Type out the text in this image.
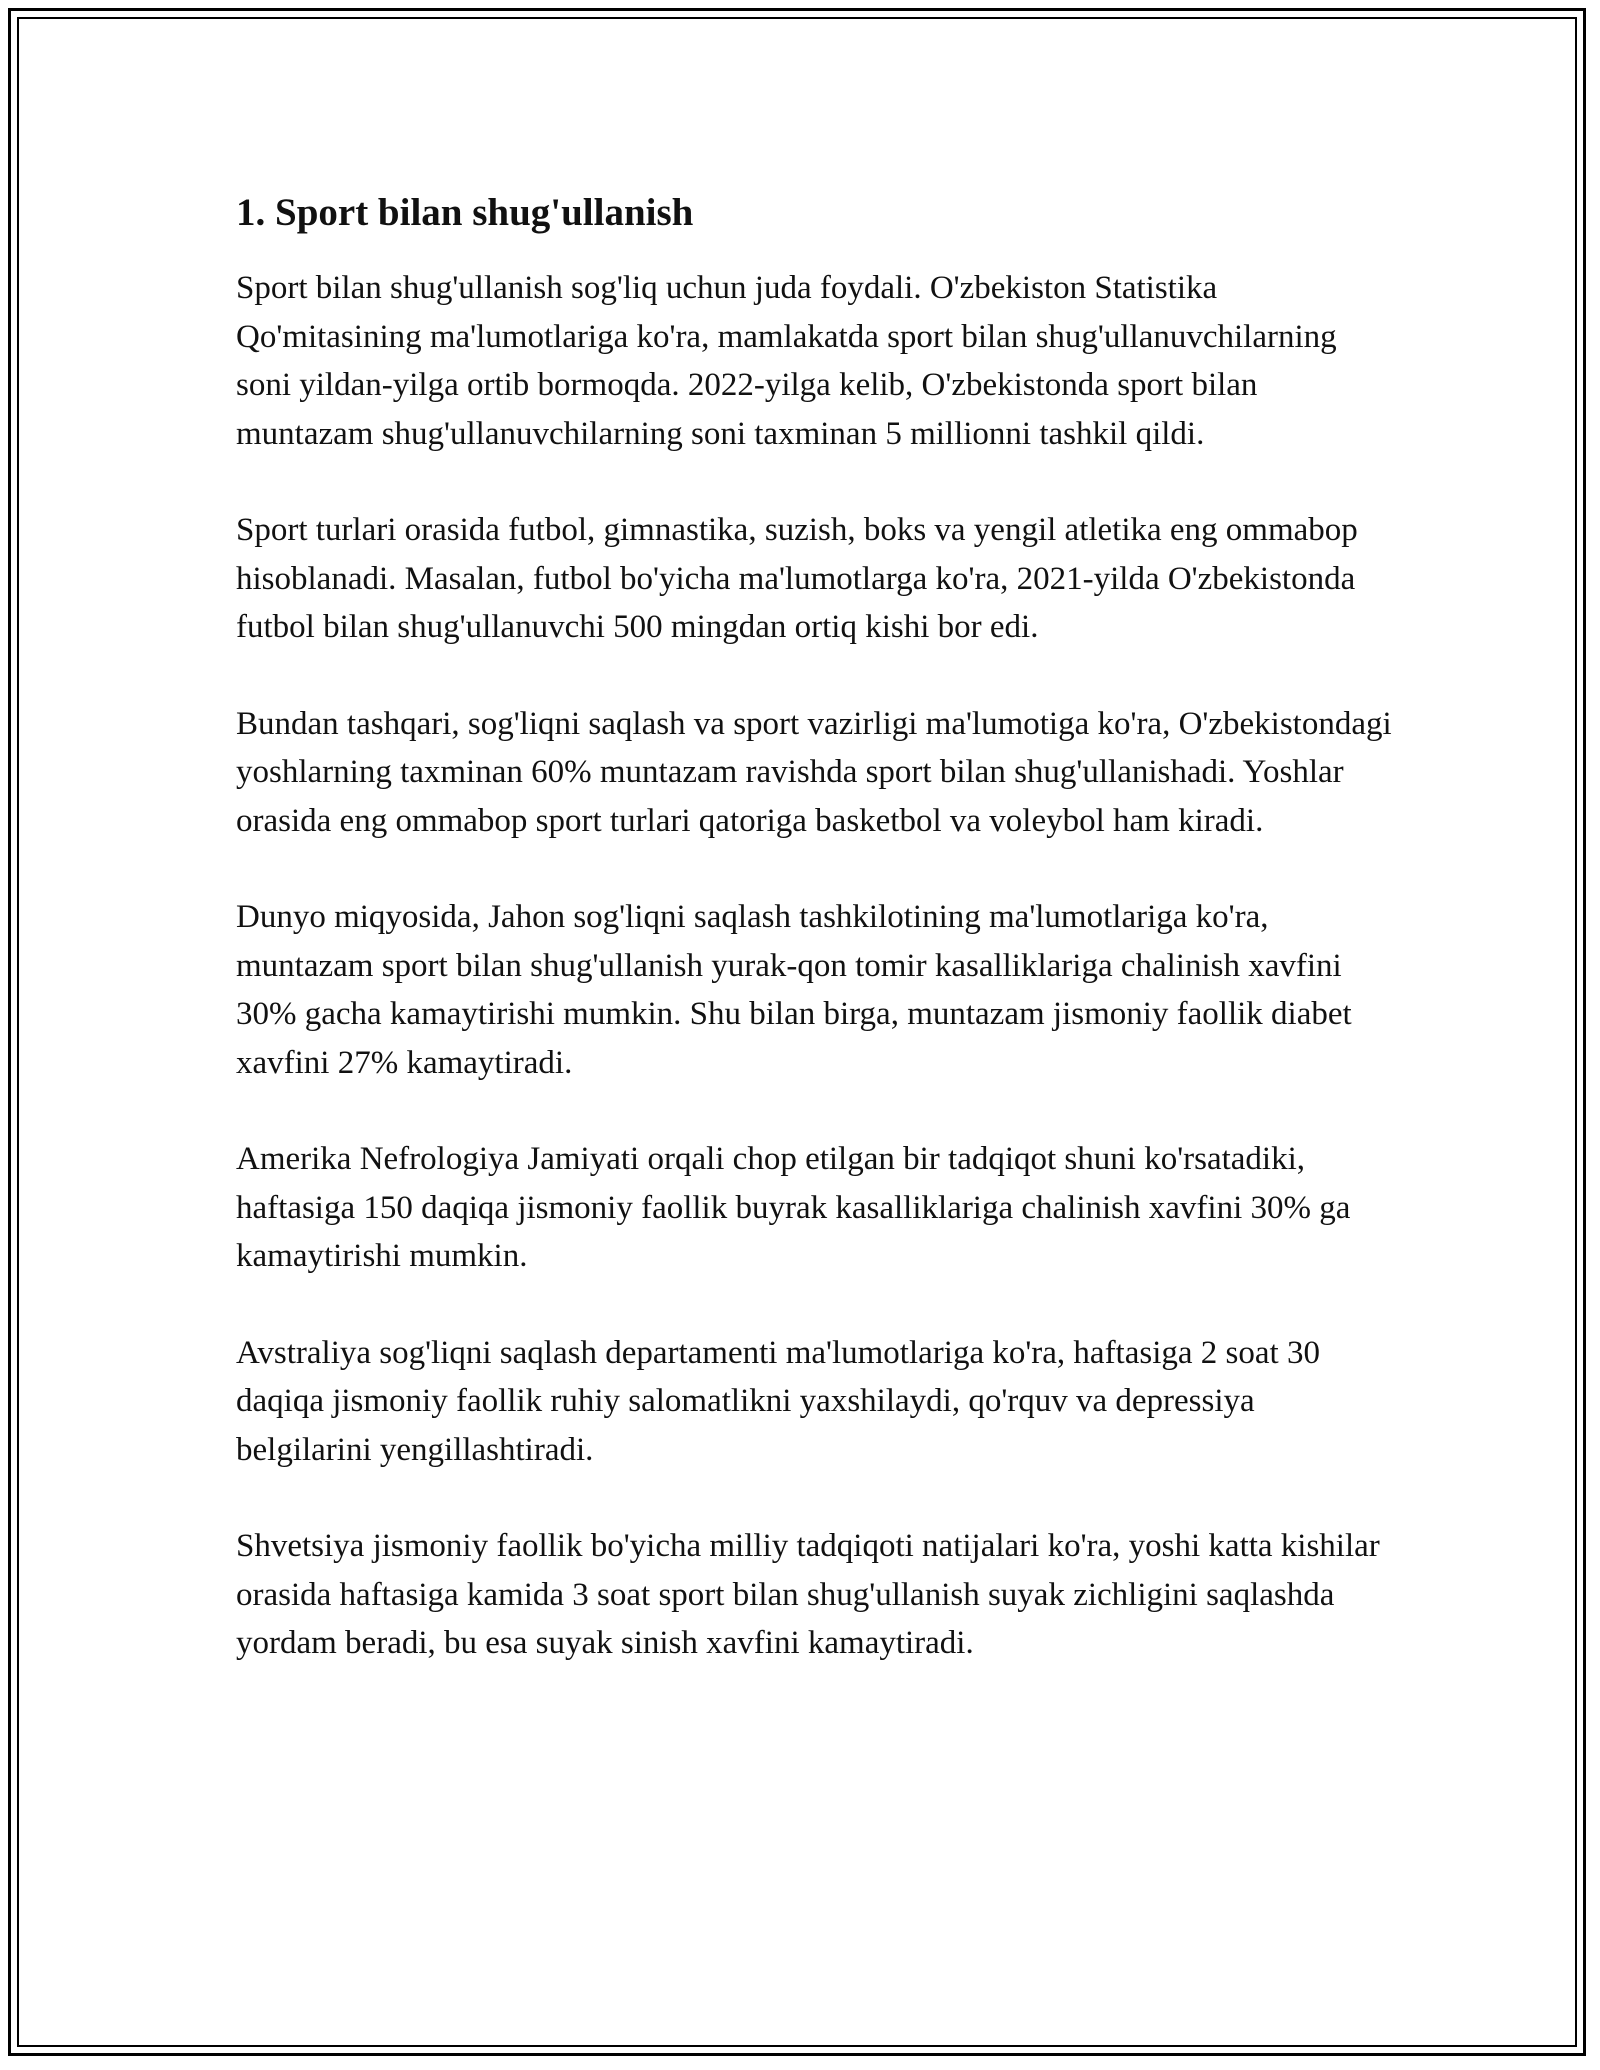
1. Sport bilan shug'ullanish

Sport bilan shug'ullanish sog'liq uchun juda foydali. O'zbekiston Statistika Qo'mitasining ma'lumotlariga ko'ra, mamlakatda sport bilan shug'ullanuvchilarning soni yildan-yilga ortib bormoqda. 2022-yilga kelib, O'zbekistonda sport bilan muntazam shug'ullanuvchilarning soni taxminan 5 millionni tashkil qildi.

Sport turlari orasida futbol, gimnastika, suzish, boks va yengil atletika eng ommabop hisoblanadi. Masalan, futbol bo'yicha ma'lumotlarga ko'ra, 2021-yilda O'zbekistonda futbol bilan shug'ullanuvchi 500 mingdan ortiq kishi bor edi.

Bundan tashqari, sog'liqni saqlash va sport vazirligi ma'lumotiga ko'ra, O'zbekistondagi yoshlarning taxminan 60% muntazam ravishda sport bilan shug'ullanishadi. Yoshlar orasida eng ommabop sport turlari qatoriga basketbol va voleybol ham kiradi.

Dunyo miqyosida, Jahon sog'liqni saqlash tashkilotining ma'lumotlariga ko'ra, muntazam sport bilan shug'ullanish yurak-qon tomir kasalliklariga chalinish xavfini 30% gacha kamaytirishi mumkin. Shu bilan birga, muntazam jismoniy faollik diabet xavfini 27% kamaytiradi.

Amerika Nefrologiya Jamiyati orqali chop etilgan bir tadqiqot shuni ko'rsatadiki, haftasiga 150 daqiqa jismoniy faollik buyrak kasalliklariga chalinish xavfini 30% ga kamaytirishi mumkin.

Avstraliya sog'liqni saqlash departamenti ma'lumotlariga ko'ra, haftasiga 2 soat 30 daqiqa jismoniy faollik ruhiy salomatlikni yaxshilaydi, qo'rquv va depressiya belgilarini yengillashtiradi.

Shvetsiya jismoniy faollik bo'yicha milliy tadqiqoti natijalari ko'ra, yoshi katta kishilar orasida haftasiga kamida 3 soat sport bilan shug'ullanish suyak zichligini saqlashda yordam beradi, bu esa suyak sinish xavfini kamaytiradi.
